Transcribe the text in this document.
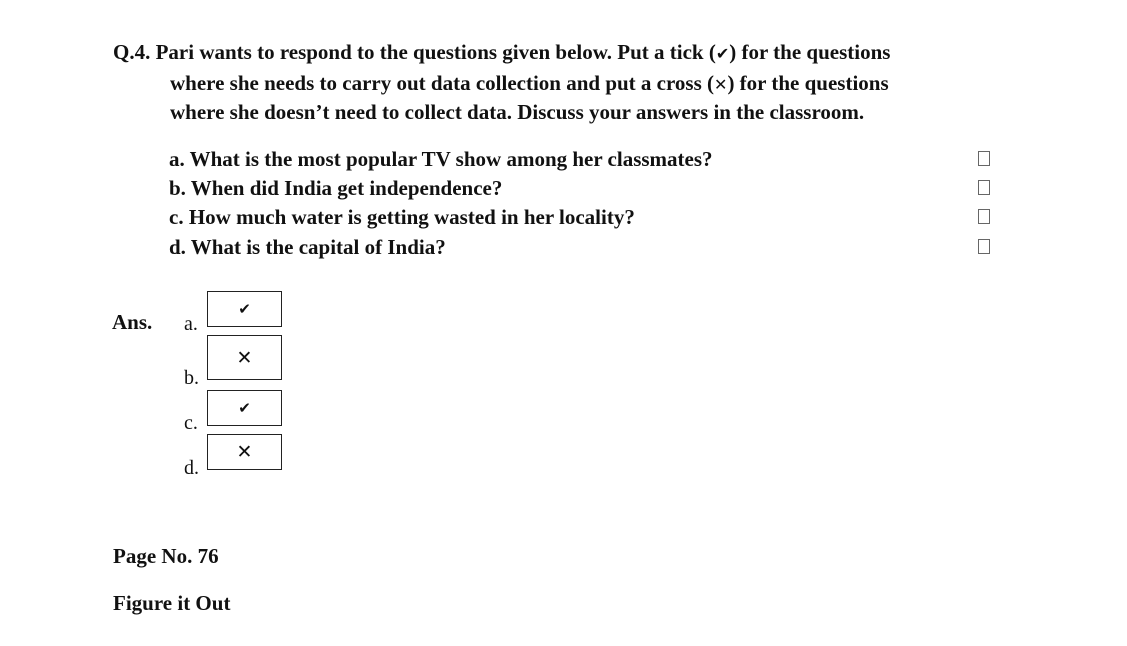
Q.4. Pari wants to respond to the questions given below. Put a tick (✔) for the questions
where she needs to carry out data collection and put a cross (✕) for the questions
where she doesn’t need to collect data. Discuss your answers in the classroom.
a. What is the most popular TV show among her classmates?
b. When did India get independence?
c. How much water is getting wasted in her locality?
d. What is the capital of India?
Ans. a.
b.
c.
d.
✔
✕
✔
✕
Page No. 76
Figure it Out
